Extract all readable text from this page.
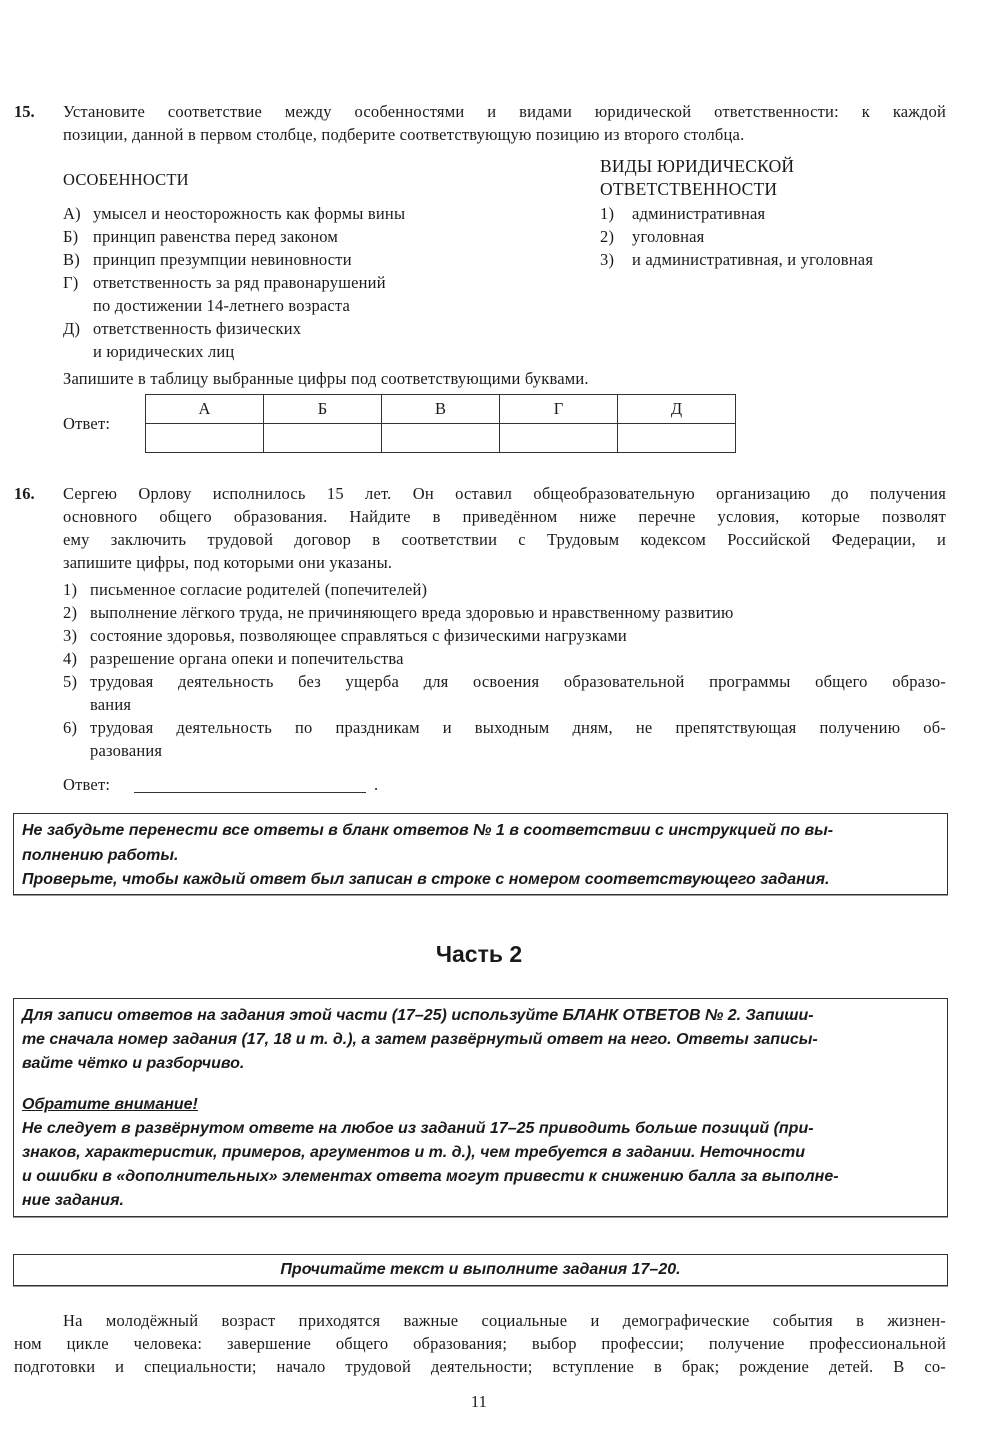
15. Установите соответствие между особенностями и видами юридической ответственности: к каждой
позиции, данной в первом столбце, подберите соответствующую позицию из второго столбца.
ОСОБЕННОСТИ
ВИДЫ ЮРИДИЧЕСКОЙ
ОТВЕТСТВЕННОСТИ
А) умысел и неосторожность как формы вины
Б) принцип равенства перед законом
В) принцип презумпции невиновности
Г) ответственность за ряд правонарушений
по достижении 14-летнего возраста
Д) ответственность физических
и юридических лиц
1) административная
2) уголовная
3) и административная, и уголовная
Запишите в таблицу выбранные цифры под соответствующими буквами.
Ответ:
А	Б	В	Г	Д

16. Сергею Орлову исполнилось 15 лет. Он оставил общеобразовательную организацию до получения
основного общего образования. Найдите в приведённом ниже перечне условия, которые позволят
ему заключить трудовой договор в соответствии с Трудовым кодексом Российской Федерации, и
запишите цифры, под которыми они указаны.
1) письменное согласие родителей (попечителей)
2) выполнение лёгкого труда, не причиняющего вреда здоровью и нравственному развитию
3) состояние здоровья, позволяющее справляться с физическими нагрузками
4) разрешение органа опеки и попечительства
5) трудовая деятельность без ущерба для освоения образовательной программы общего образо-
вания
6) трудовая деятельность по праздникам и выходным дням, не препятствующая получению об-
разования
Ответ:	.
Не забудьте перенести все ответы в бланк ответов № 1 в соответствии с инструкцией по вы-
полнению работы.
Проверьте, чтобы каждый ответ был записан в строке с номером соответствующего задания.
Часть 2
Для записи ответов на задания этой части (17–25) используйте БЛАНК ОТВЕТОВ № 2. Запиши-
те сначала номер задания (17, 18 и т. д.), а затем развёрнутый ответ на него. Ответы записы-
вайте чётко и разборчиво.
Обратите внимание!
Не следует в развёрнутом ответе на любое из заданий 17–25 приводить больше позиций (при-
знаков, характеристик, примеров, аргументов и т. д.), чем требуется в задании. Неточности
и ошибки в «дополнительных» элементах ответа могут привести к снижению балла за выполне-
ние задания.
Прочитайте текст и выполните задания 17–20.
На молодёжный возраст приходятся важные социальные и демографические события в жизнен-
ном цикле человека: завершение общего образования; выбор профессии; получение профессиональной
подготовки и специальности; начало трудовой деятельности; вступление в брак; рождение детей. В со-
11
